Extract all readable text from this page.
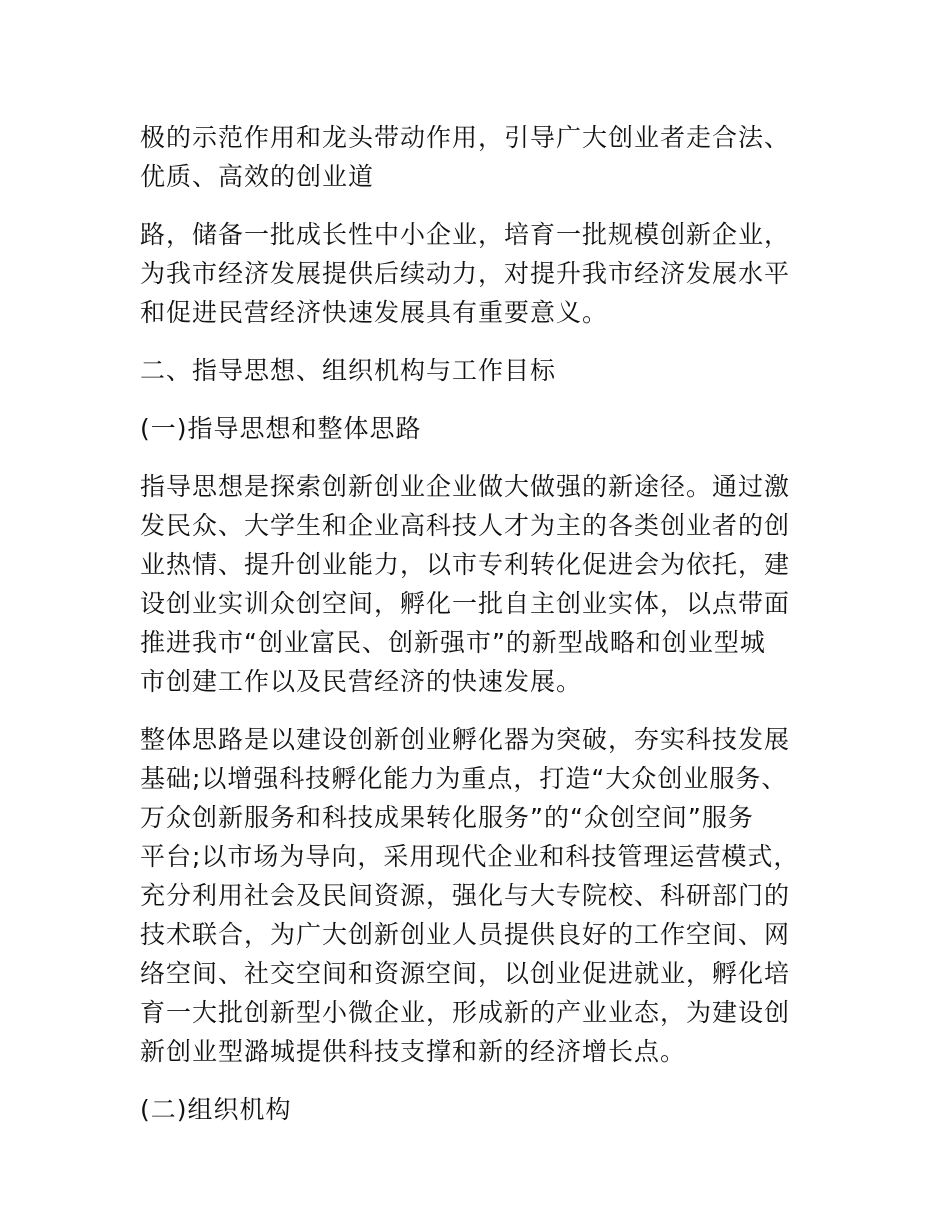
极的示范作用和龙头带动作用，引导广大创业者走合法、
优质、高效的创业道

路，储备一批成长性中小企业，培育一批规模创新企业，
为我市经济发展提供后续动力，对提升我市经济发展水平
和促进民营经济快速发展具有重要意义。

二、指导思想、组织机构与工作目标

(一)指导思想和整体思路

指导思想是探索创新创业企业做大做强的新途径。通过激
发民众、大学生和企业高科技人才为主的各类创业者的创
业热情、提升创业能力，以市专利转化促进会为依托，建
设创业实训众创空间，孵化一批自主创业实体，以点带面
推进我市“创业富民、创新强市”的新型战略和创业型城
市创建工作以及民营经济的快速发展。

整体思路是以建设创新创业孵化器为突破，夯实科技发展
基础;以增强科技孵化能力为重点，打造“大众创业服务、
万众创新服务和科技成果转化服务”的“众创空间”服务
平台;以市场为导向，采用现代企业和科技管理运营模式，
充分利用社会及民间资源，强化与大专院校、科研部门的
技术联合，为广大创新创业人员提供良好的工作空间、网
络空间、社交空间和资源空间，以创业促进就业，孵化培
育一大批创新型小微企业，形成新的产业业态，为建设创
新创业型潞城提供科技支撑和新的经济增长点。

(二)组织机构
